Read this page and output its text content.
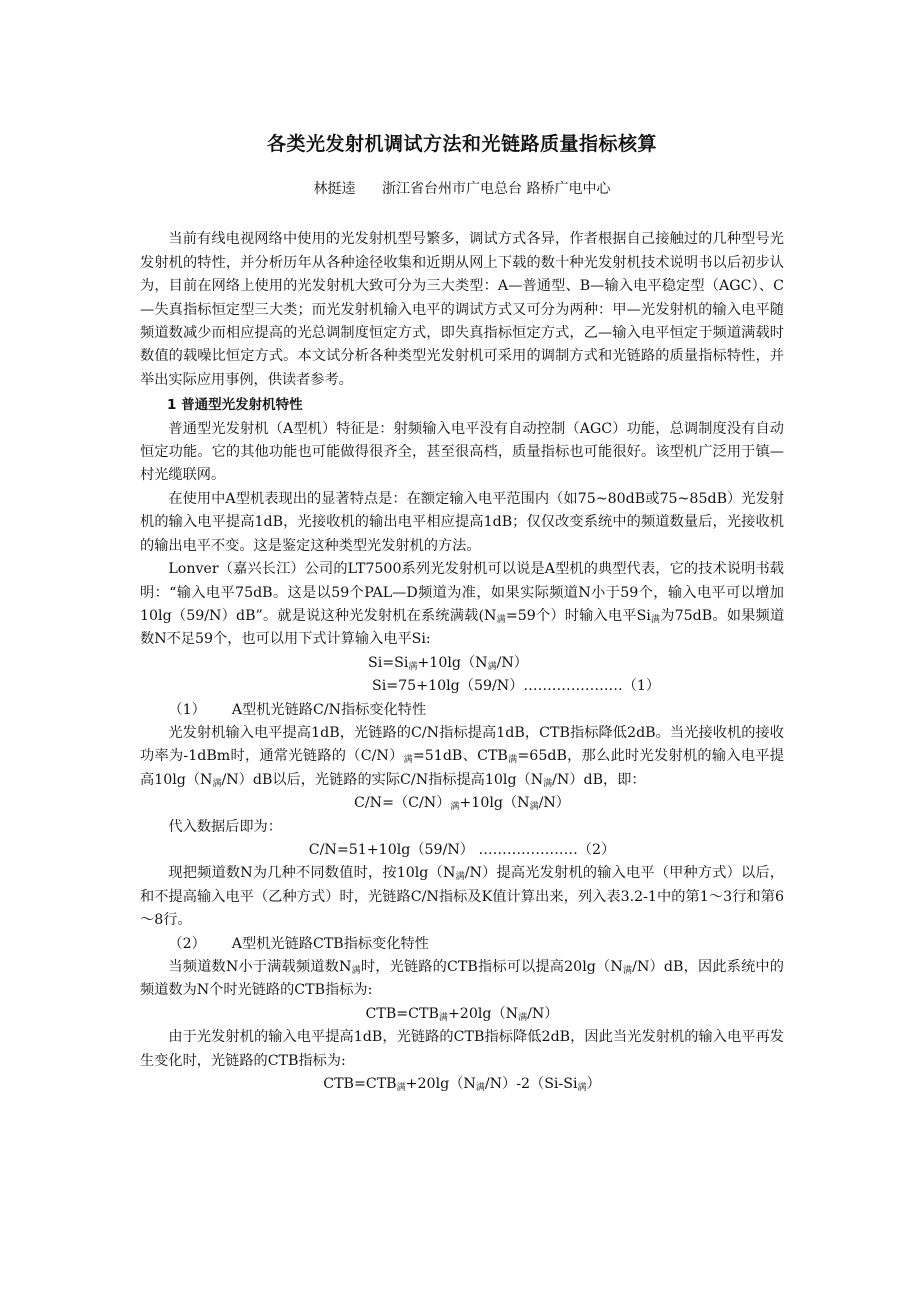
各类光发射机调试方法和光链路质量指标核算
林挺逵 浙江省台州市广电总台 路桥广电中心

当前有线电视网络中使用的光发射机型号繁多，调试方式各异，作者根据自己接触过的几种型号光发射机的特性，并分析历年从各种途径收集和近期从网上下载的数十种光发射机技术说明书以后初步认为，目前在网络上使用的光发射机大致可分为三大类型：A—普通型、B—输入电平稳定型（AGC）、C—失真指标恒定型三大类；而光发射机输入电平的调试方式又可分为两种：甲—光发射机的输入电平随频道数减少而相应提高的光总调制度恒定方式，即失真指标恒定方式，乙—输入电平恒定于频道满载时数值的载噪比恒定方式。本文试分析各种类型光发射机可采用的调制方式和光链路的质量指标特性，并举出实际应用事例，供读者参考。

1 普通型光发射机特性

普通型光发射机（A型机）特征是：射频输入电平没有自动控制（AGC）功能，总调制度没有自动恒定功能。它的其他功能也可能做得很齐全，甚至很高档，质量指标也可能很好。该型机广泛用于镇—村光缆联网。

在使用中A型机表现出的显著特点是：在额定输入电平范围内（如75~80dB或75~85dB）光发射机的输入电平提高1dB，光接收机的输出电平相应提高1dB；仅仅改变系统中的频道数量后，光接收机的输出电平不变。这是鉴定这种类型光发射机的方法。

Lonver（嘉兴长江）公司的LT7500系列光发射机可以说是A型机的典型代表，它的技术说明书载明：“输入电平75dB。这是以59个PAL—D频道为准，如果实际频道N小于59个，输入电平可以增加10lg（59/N）dB”。就是说这种光发射机在系统满载($N_满=59$个）时输入电平$Si_满$为75dB。如果频道数N不足59个，也可以用下式计算输入电平Si:

$Si=Si_满+10\lg(N_满/N)$
Si=75+10lg（59/N）…………………（1）
（1） A型机光链路C/N指标变化特性

光发射机输入电平提高1dB，光链路的C/N指标提高1dB，CTB指标降低2dB。当光接收机的接收功率为-1dBm时，通常光链路的$(C/N)_满=51dB$、$CTB_满=65dB$，那么此时光发射机的输入电平提高$10\lg(N_满/N)dB$以后，光链路的实际C/N指标提高$10\lg(N_满/N)dB$，即：

$C/N=(C/N)_满+10\lg(N_满/N)$

代入数据后即为：

C/N=51+10lg（59/N） …………………（2）

现把频道数N为几种不同数值时，按$10\lg(N_满/N)$提高光发射机的输入电平（甲种方式）以后，和不提高输入电平（乙种方式）时，光链路C/N指标及K值计算出来，列入表3.2-1中的第1～3行和第6～8行。

（2） A型机光链路CTB指标变化特性

当频道数N小于满载频道数$N_满$时，光链路的CTB指标可以提高$20\lg(N_满/N)dB$，因此系统中的频道数为N个时光链路的CTB指标为:

$CTB=CTB_满+20\lg(N_满/N)$

由于光发射机的输入电平提高1dB，光链路的CTB指标降低2dB，因此当光发射机的输入电平再发生变化时，光链路的CTB指标为:

$CTB=CTB_满+20\lg(N_满/N)-2(Si-Si_满)$
